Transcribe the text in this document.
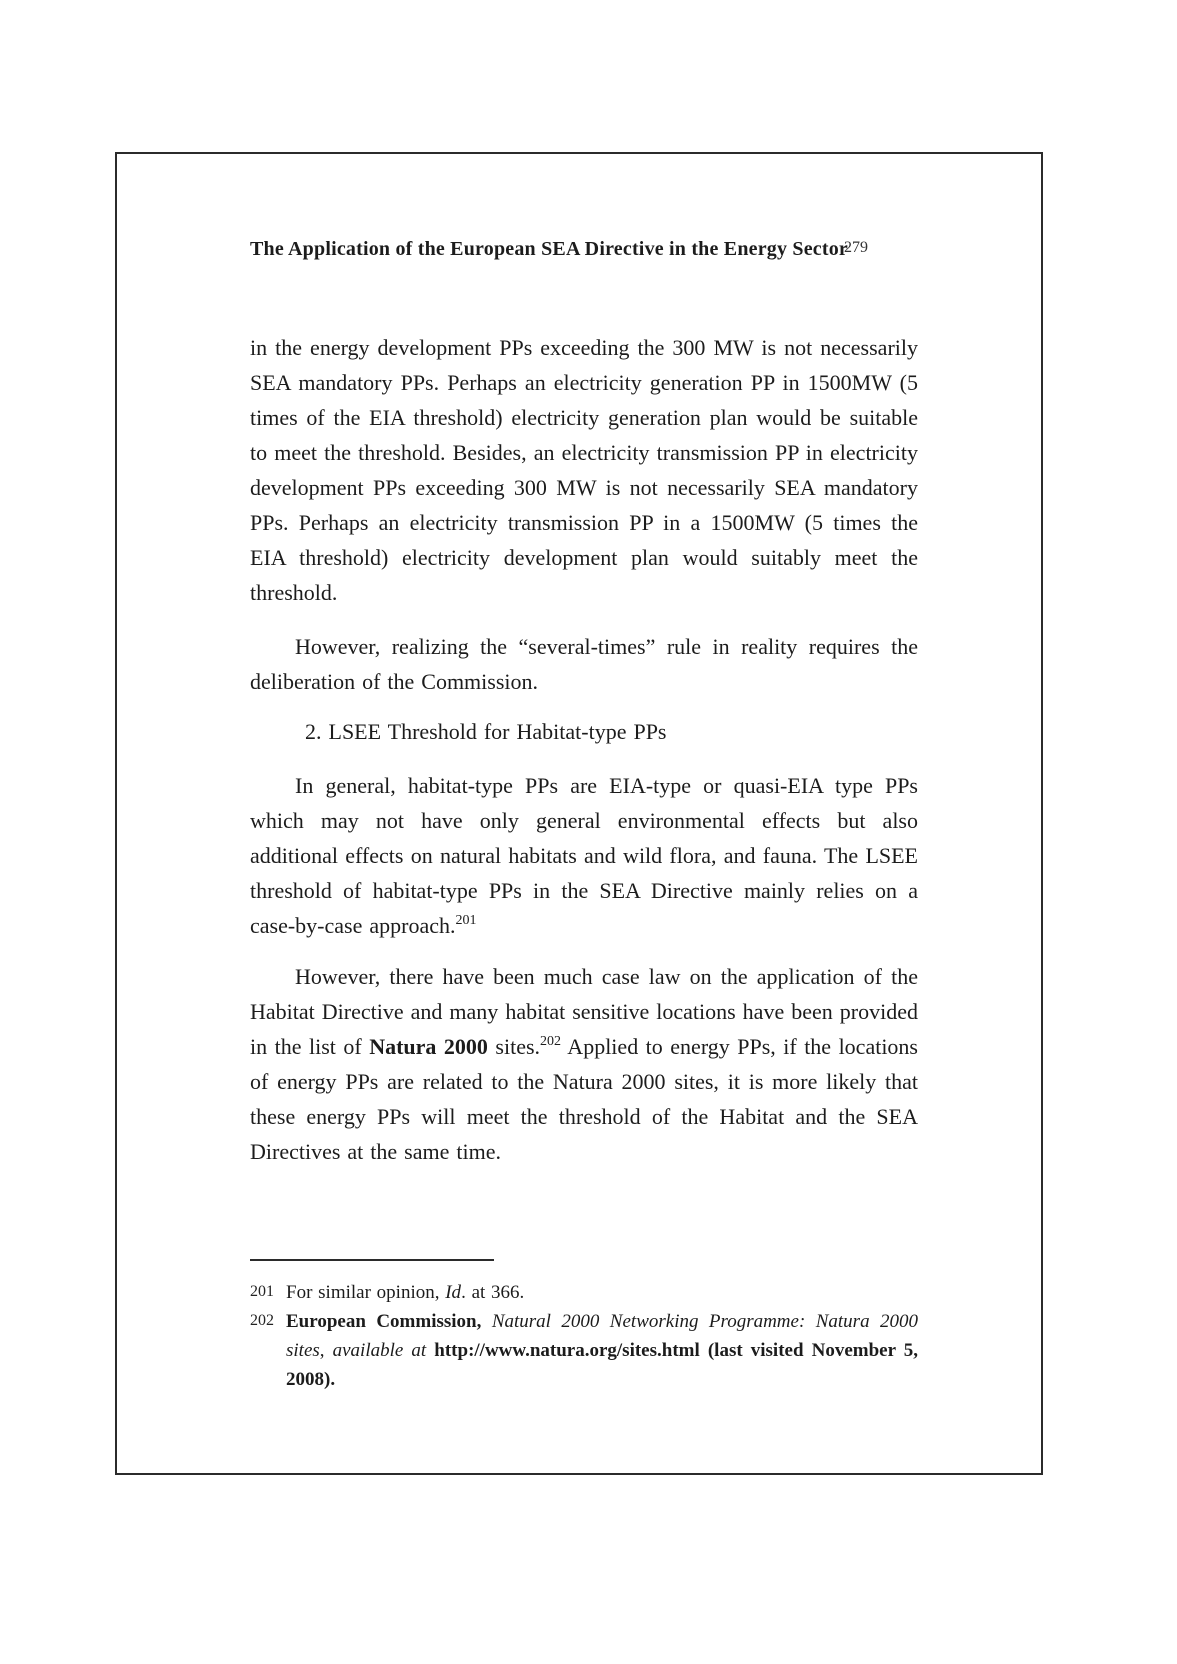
The Application of the European SEA Directive in the Energy Sector
279
in the energy development PPs exceeding the 300 MW is not necessarily SEA mandatory PPs. Perhaps an electricity generation PP in 1500MW (5 times of the EIA threshold) electricity generation plan would be suitable to meet the threshold. Besides, an electricity transmission PP in electricity development PPs exceeding 300 MW is not necessarily SEA mandatory PPs. Perhaps an electricity transmission PP in a 1500MW (5 times the EIA threshold) electricity development plan would suitably meet the threshold.
However, realizing the “several-times” rule in reality requires the deliberation of the Commission.
2. LSEE Threshold for Habitat-type PPs
In general, habitat-type PPs are EIA-type or quasi-EIA type PPs which may not have only general environmental effects but also additional effects on natural habitats and wild flora, and fauna. The LSEE threshold of habitat-type PPs in the SEA Directive mainly relies on a case-by-case approach.$^{201}$
However, there have been much case law on the application of the Habitat Directive and many habitat sensitive locations have been provided in the list of Natura 2000 sites.$^{202}$ Applied to energy PPs, if the locations of energy PPs are related to the Natura 2000 sites, it is more likely that these energy PPs will meet the threshold of the Habitat and the SEA Directives at the same time.
201 For similar opinion, Id. at 366.
202 European Commission, Natural 2000 Networking Programme: Natura 2000 sites, available at http://www.natura.org/sites.html (last visited November 5, 2008).
